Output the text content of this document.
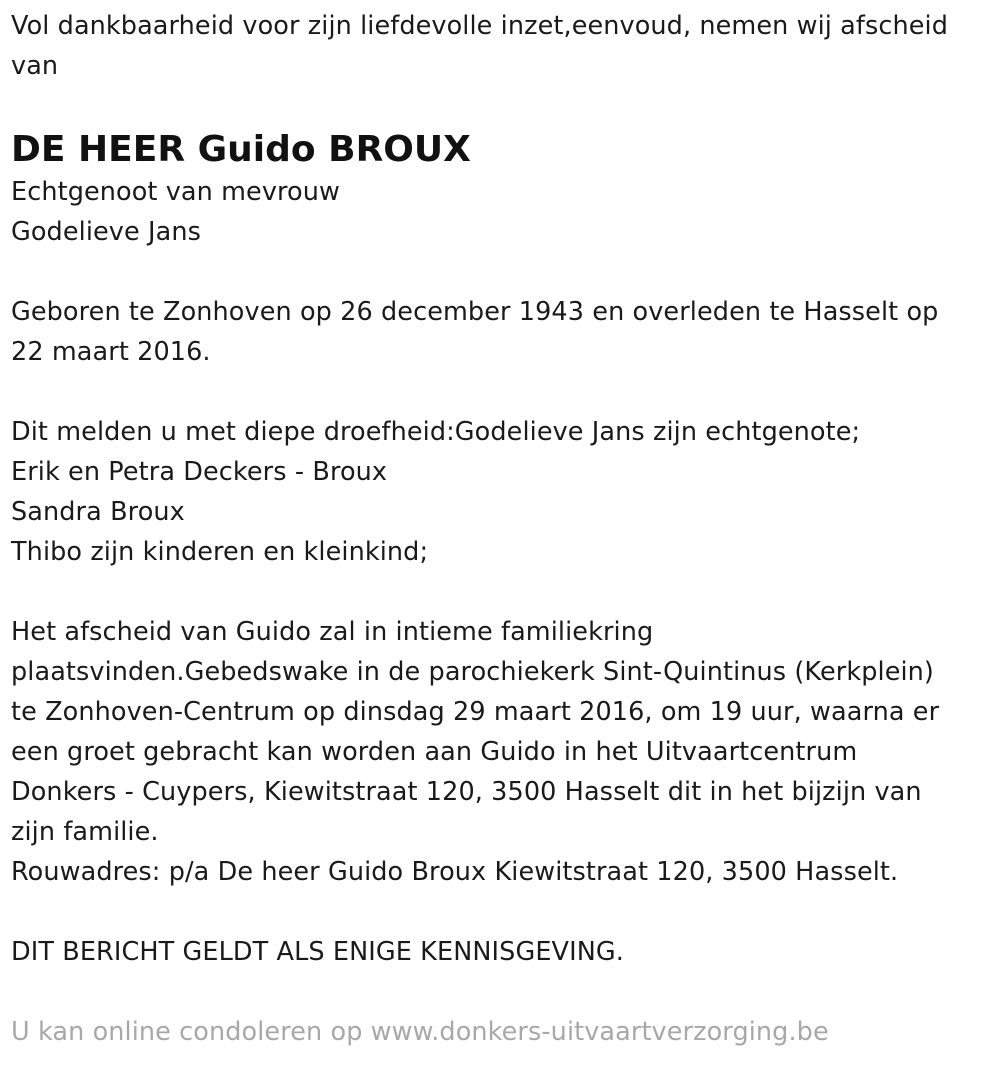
Vol dankbaarheid voor zijn liefdevolle inzet,eenvoud, nemen wij afscheid
van

DE HEER Guido BROUX

Echtgenoot van mevrouw
Godelieve Jans

Geboren te Zonhoven op 26 december 1943 en overleden te Hasselt op
22 maart 2016.

Dit melden u met diepe droefheid:Godelieve Jans zijn echtgenote;
Erik en Petra Deckers - Broux
Sandra Broux
Thibo zijn kinderen en kleinkind;

Het afscheid van Guido zal in intieme familiekring
plaatsvinden.Gebedswake in de parochiekerk Sint-Quintinus (Kerkplein)
te Zonhoven-Centrum op dinsdag 29 maart 2016, om 19 uur, waarna er
een groet gebracht kan worden aan Guido in het Uitvaartcentrum
Donkers - Cuypers, Kiewitstraat 120, 3500 Hasselt dit in het bijzijn van
zijn familie.
Rouwadres: p/a De heer Guido Broux Kiewitstraat 120, 3500 Hasselt.

DIT BERICHT GELDT ALS ENIGE KENNISGEVING.

U kan online condoleren op www.donkers-uitvaartverzorging.be
